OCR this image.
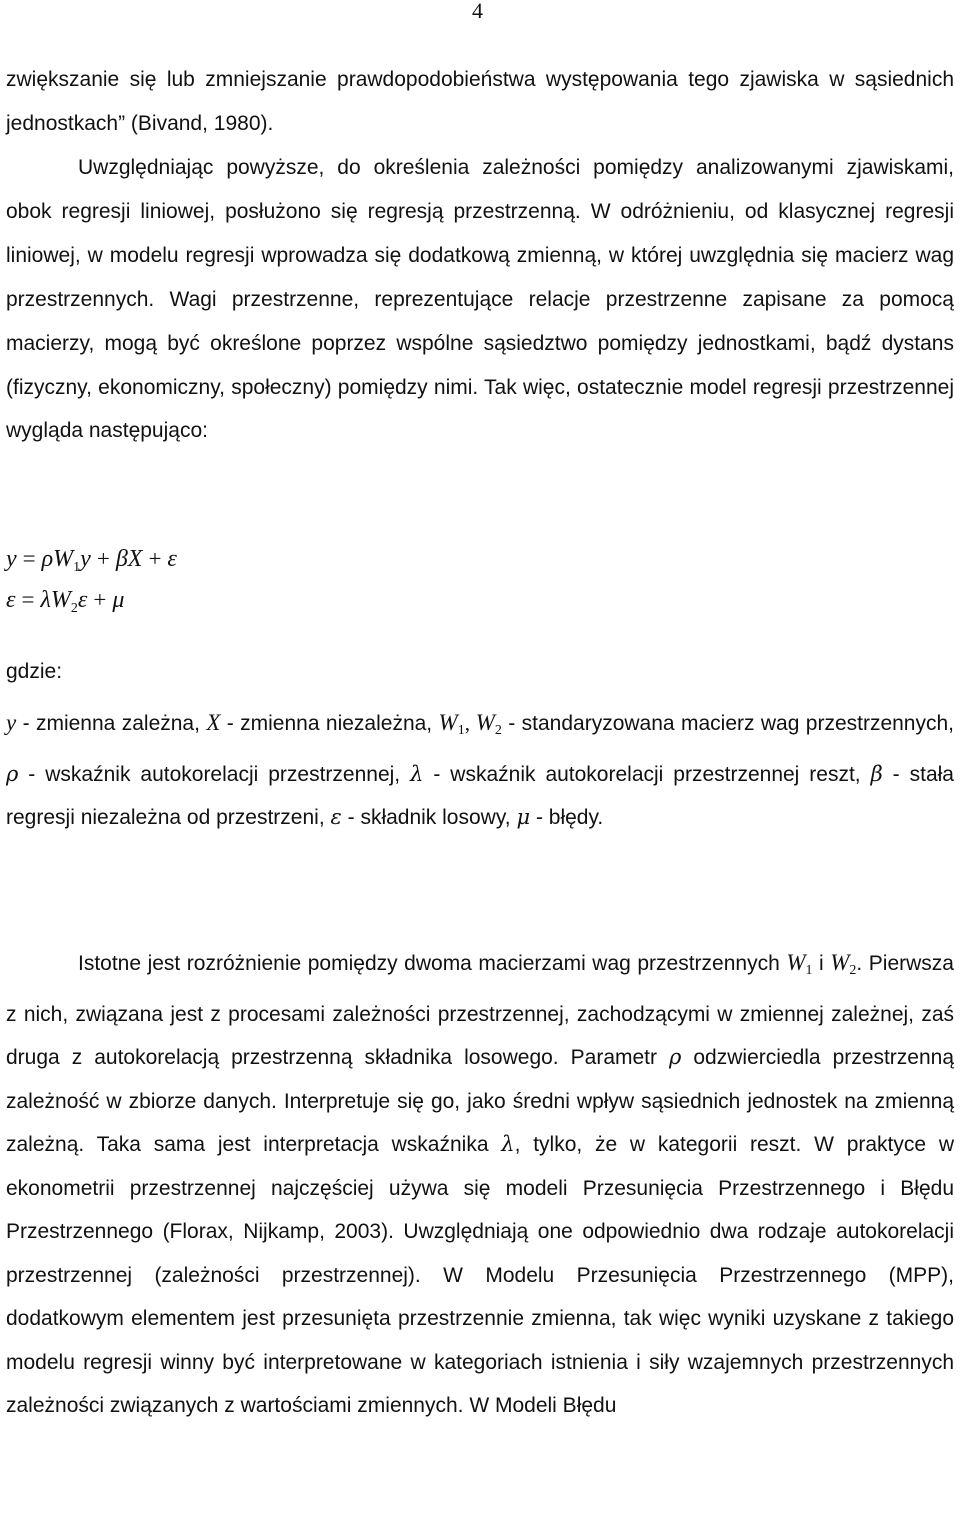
4

zwiększanie się lub zmniejszanie prawdopodobieństwa występowania tego zjawiska w sąsiednich jednostkach” (Bivand, 1980).

Uwzględniając powyższe, do określenia zależności pomiędzy analizowanymi zjawiskami, obok regresji liniowej, posłużono się regresją przestrzenną. W odróżnieniu, od klasycznej regresji liniowej, w modelu regresji wprowadza się dodatkową zmienną, w której uwzględnia się macierz wag przestrzennych. Wagi przestrzenne, reprezentujące relacje przestrzenne zapisane za pomocą macierzy, mogą być określone poprzez wspólne sąsiedztwo pomiędzy jednostkami, bądź dystans (fizyczny, ekonomiczny, społeczny) pomiędzy nimi. Tak więc, ostatecznie model regresji przestrzennej wygląda następująco:

$y = \rho W_1y + \beta X + \varepsilon$
$\varepsilon = \lambda W_2\varepsilon + \mu$
gdzie:

y - zmienna zależna, X - zmienna niezależna, $W_1$, $W_2$ - standaryzowana macierz wag przestrzennych, ρ - wskaźnik autokorelacji przestrzennej, λ - wskaźnik autokorelacji przestrzennej reszt, β - stała regresji niezależna od przestrzeni, ε - składnik losowy, μ - błędy.

Istotne jest rozróżnienie pomiędzy dwoma macierzami wag przestrzennych $W_1$ i $W_2$. Pierwsza z nich, związana jest z procesami zależności przestrzennej, zachodzącymi w zmiennej zależnej, zaś druga z autokorelacją przestrzenną składnika losowego. Parametr ρ odzwierciedla przestrzenną zależność w zbiorze danych. Interpretuje się go, jako średni wpływ sąsiednich jednostek na zmienną zależną. Taka sama jest interpretacja wskaźnika λ, tylko, że w kategorii reszt. W praktyce w ekonometrii przestrzennej najczęściej używa się modeli Przesunięcia Przestrzennego i Błędu Przestrzennego (Florax, Nijkamp, 2003). Uwzględniają one odpowiednio dwa rodzaje autokorelacji przestrzennej (zależności przestrzennej). W Modelu Przesunięcia Przestrzennego (MPP), dodatkowym elementem jest przesunięta przestrzennie zmienna, tak więc wyniki uzyskane z takiego modelu regresji winny być interpretowane w kategoriach istnienia i siły wzajemnych przestrzennych zależności związanych z wartościami zmiennych. W Modeli Błędu
